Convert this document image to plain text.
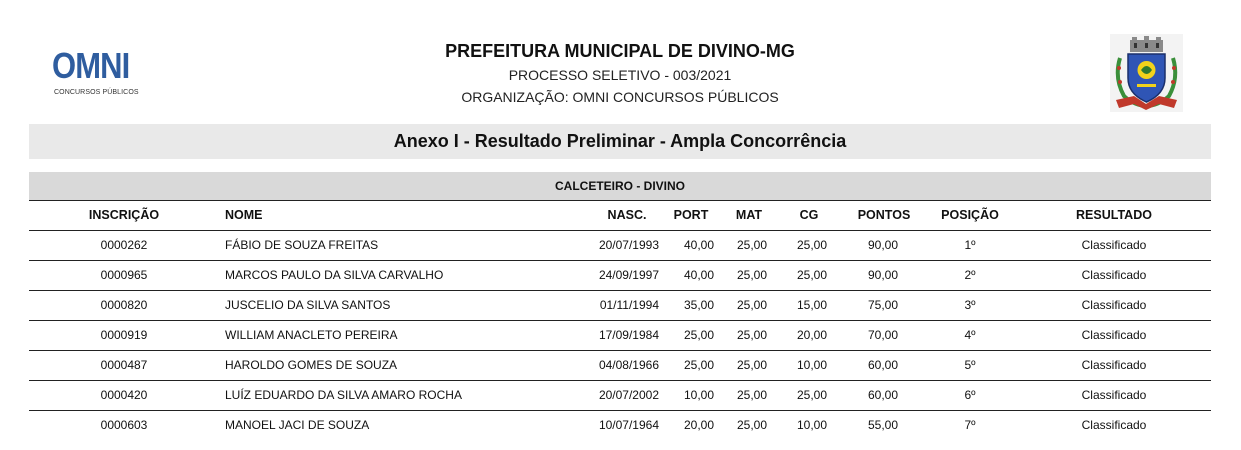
OMNI
CONCURSOS PÚBLICOS
PREFEITURA MUNICIPAL DE DIVINO-MG
PROCESSO SELETIVO - 003/2021
ORGANIZAÇÃO: OMNI CONCURSOS PÚBLICOS
Anexo I - Resultado Preliminar - Ampla Concorrência
CALCETEIRO - DIVINO
INSCRIÇÃO	NOME	NASC.	PORT	MAT	CG	PONTOS	POSIÇÃO	RESULTADO
0000262	FÁBIO DE SOUZA FREITAS	20/07/1993	40,00	25,00	25,00	90,00	1º	Classificado
0000965	MARCOS PAULO DA SILVA CARVALHO	24/09/1997	40,00	25,00	25,00	90,00	2º	Classificado
0000820	JUSCELIO DA SILVA SANTOS	01/11/1994	35,00	25,00	15,00	75,00	3º	Classificado
0000919	WILLIAM ANACLETO PEREIRA	17/09/1984	25,00	25,00	20,00	70,00	4º	Classificado
0000487	HAROLDO GOMES DE SOUZA	04/08/1966	25,00	25,00	10,00	60,00	5º	Classificado
0000420	LUÍZ EDUARDO DA SILVA AMARO ROCHA	20/07/2002	10,00	25,00	25,00	60,00	6º	Classificado
0000603	MANOEL JACI DE SOUZA	10/07/1964	20,00	25,00	10,00	55,00	7º	Classificado
